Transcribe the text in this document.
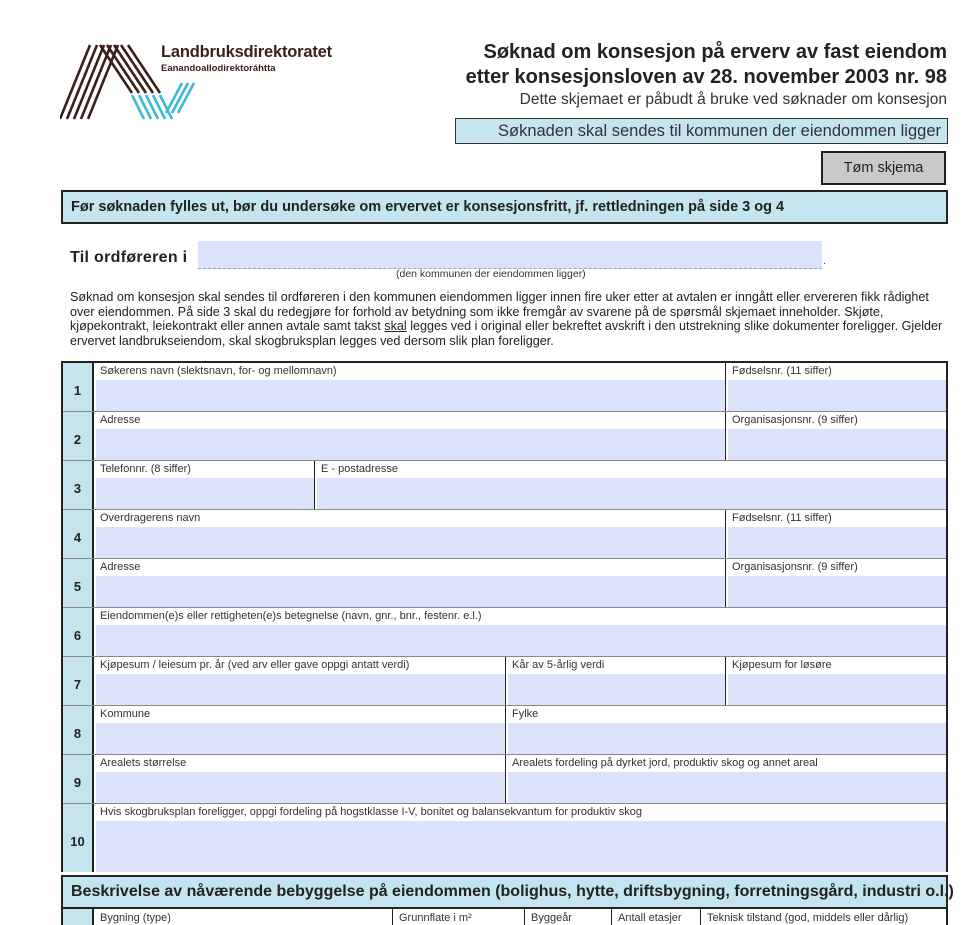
Landbruksdirektoratet
Eanandoallodirektoráhtta
Søknad om konsesjon på erverv av fast eiendom
etter konsesjonsloven av 28. november 2003 nr. 98
Dette skjemaet er påbudt å bruke ved søknader om konsesjon
Søknaden skal sendes til kommunen der eiendommen ligger
Tøm skjema
Før søknaden fylles ut, bør du undersøke om ervervet er konsesjonsfritt, jf. rettledningen på side 3 og 4
Til ordføreren i	.
(den kommunen der eiendommen ligger)
Søknad om konsesjon skal sendes til ordføreren i den kommunen eiendommen ligger innen fire uker etter at avtalen er inngått eller ervereren fikk rådighet over eiendommen. På side 3 skal du redegjøre for forhold av betydning som ikke fremgår av svarene på de spørsmål skjemaet inneholder. Skjøte, kjøpekontrakt, leiekontrakt eller annen avtale samt takst skal legges ved i original eller bekreftet avskrift i den utstrekning slike dokumenter foreligger. Gjelder ervervet landbrukseiendom, skal skogbruksplan legges ved dersom slik plan foreligger.
1
Søkerens navn (slektsnavn, for- og mellomnavn)	Fødselsnr. (11 siffer)
2
Adresse	Organisasjonsnr. (9 siffer)
3
Telefonnr. (8 siffer)	E - postadresse
4
Overdragerens navn	Fødselsnr. (11 siffer)
5
Adresse	Organisasjonsnr. (9 siffer)
6
Eiendommen(e)s eller rettigheten(e)s betegnelse (navn, gnr., bnr., festenr. e.l.)
7
Kjøpesum / leiesum pr. år (ved arv eller gave oppgi antatt verdi)	Kår av 5-årlig verdi	Kjøpesum for løsøre
8
Kommune	Fylke
9
Arealets størrelse	Arealets fordeling på dyrket jord, produktiv skog og annet areal
10
Hvis skogbruksplan foreligger, oppgi fordeling på hogstklasse I-V, bonitet og balansekvantum for produktiv skog
Beskrivelse av nåværende bebyggelse på eiendommen (bolighus, hytte, driftsbygning, forretningsgård, industri o.l.)
Bygning (type)	Grunnflate i m²	Byggeår	Antall etasjer	Teknisk tilstand (god, middels eller dårlig)
